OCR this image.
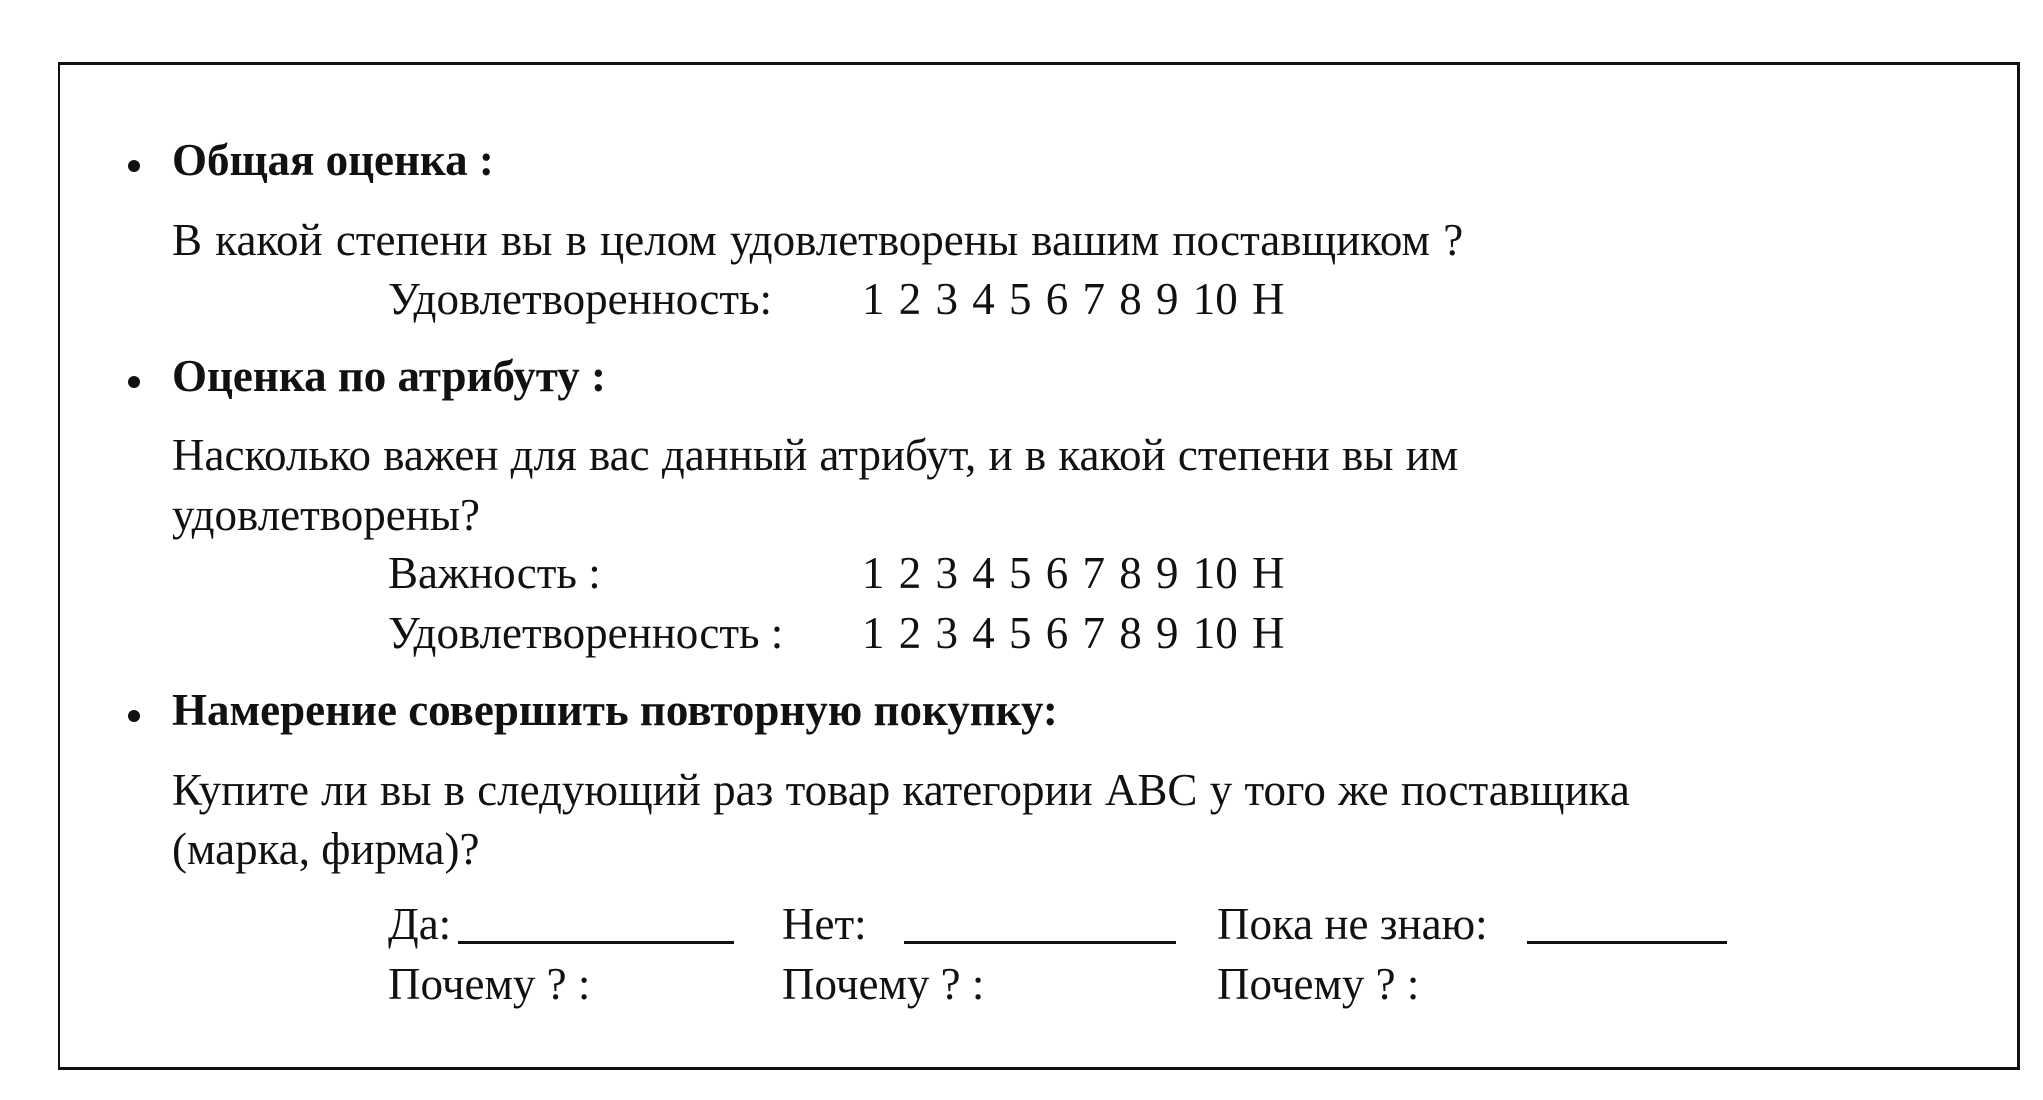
Общая оценка :
В какой степени вы в целом удовлетворены вашим поставщиком ?
Удовлетворенность: 1 2 3 4 5 6 7 8 9 10 Н
Оценка по атрибуту :
Насколько важен для вас данный атрибут, и в какой степени вы им
удовлетворены?
Важность :	1 2 3 4 5 6 7 8 9 10 Н
Удовлетворенность : 1 2 3 4 5 6 7 8 9 10 Н
Намерение совершить повторную покупку:
Купите ли вы в следующий раз товар категории АВС у того же поставщика
(марка, фирма)?
Да:	Нет:	Пока не знаю:
Почему ? :	Почему ? :	Почему ? :
